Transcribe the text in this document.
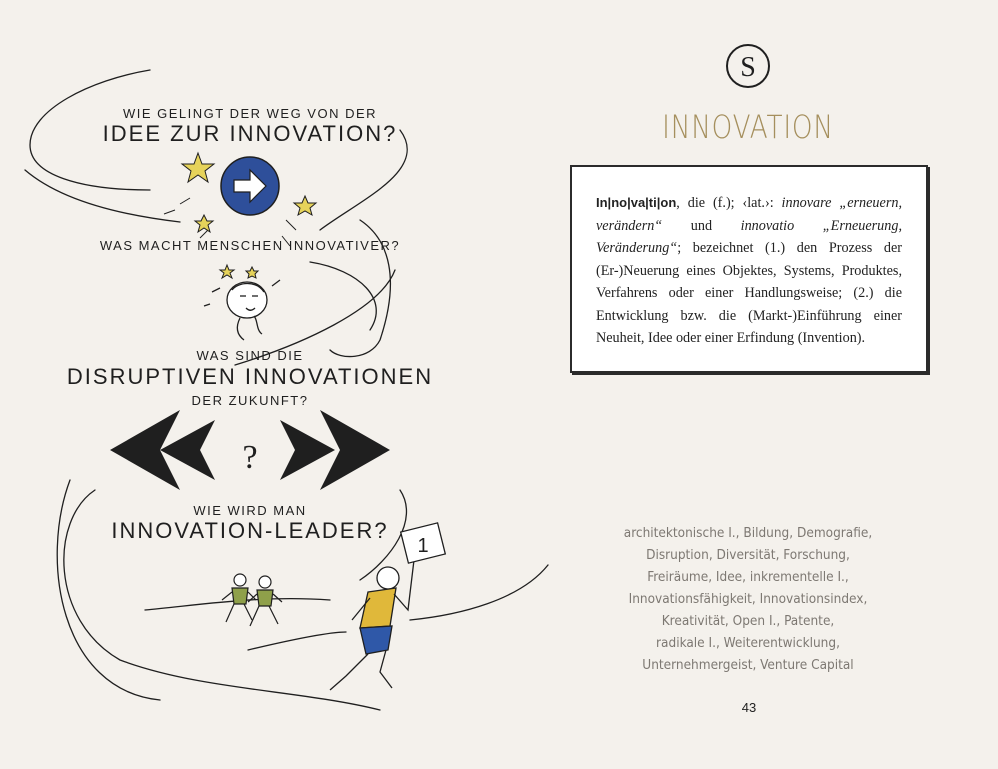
?
1
WIE GELINGT DER WEG VON DER
IDEE ZUR INNOVATION?
WAS MACHT MENSCHEN INNOVATIVER?
WAS SIND DIE
DISRUPTIVEN INNOVATIONEN
DER ZUKUNFT?
WIE WIRD MAN
INNOVATION-LEADER?
S
INNOVATION
In|no|va|ti|on, die (f.); ‹lat.›: innovare „erneuern, verändern“ und innovatio „Erneuerung, Veränderung“; bezeichnet (1.) den Prozess der (Er-)Neuerung eines Objektes, Systems, Produktes, Verfahrens oder einer Handlungsweise; (2.) die Entwicklung bzw. die (Markt-)Einführung einer Neuheit, Idee oder einer Erfindung (Invention).
architektonische I., Bildung, Demografie,
Disruption, Diversität, Forschung,
Freiräume, Idee, inkrementelle I.,
Innovationsfähigkeit, Innovationsindex,
Kreativität, Open I., Patente,
radikale I., Weiterentwicklung,
Unternehmergeist, Venture Capital
43
